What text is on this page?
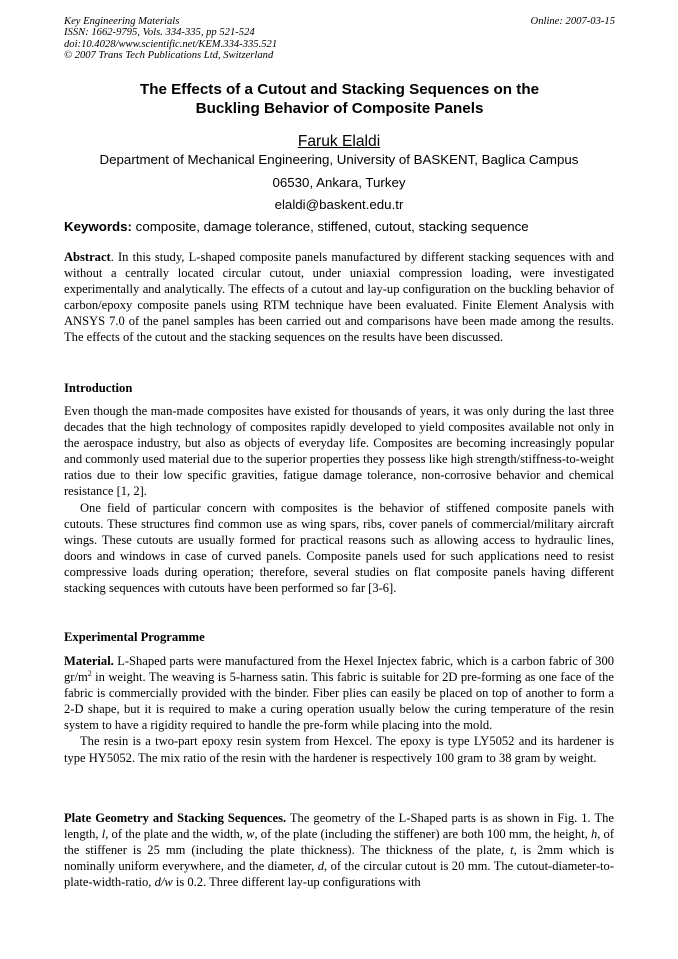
Key Engineering Materials
ISSN: 1662-9795, Vols. 334-335, pp 521-524
doi:10.4028/www.scientific.net/KEM.334-335.521
© 2007 Trans Tech Publications Ltd, Switzerland
Online: 2007-03-15
The Effects of a Cutout and Stacking Sequences on the
Buckling Behavior of Composite Panels
Faruk Elaldi
Department of Mechanical Engineering, University of BASKENT, Baglica Campus
06530, Ankara, Turkey
elaldi@baskent.edu.tr
Keywords: composite, damage tolerance, stiffened, cutout, stacking sequence

Abstract. In this study, L-shaped composite panels manufactured by different stacking sequences with and without a centrally located circular cutout, under uniaxial compression loading, were investigated experimentally and analytically. The effects of a cutout and lay-up configuration on the buckling behavior of carbon/epoxy composite panels using RTM technique have been evaluated. Finite Element Analysis with ANSYS 7.0 of the panel samples has been carried out and comparisons have been made among the results. The effects of the cutout and the stacking sequences on the results have been discussed.

Introduction

Even though the man-made composites have existed for thousands of years, it was only during the last three decades that the high technology of composites rapidly developed to yield composites available not only in the aerospace industry, but also as objects of everyday life. Composites are becoming increasingly popular and commonly used material due to the superior properties they possess like high strength/stiffness-to-weight ratios due to their low specific gravities, fatigue damage tolerance, non-corrosive behavior and chemical resistance [1, 2].

One field of particular concern with composites is the behavior of stiffened composite panels with cutouts. These structures find common use as wing spars, ribs, cover panels of commercial/military aircraft wings. These cutouts are usually formed for practical reasons such as allowing access to hydraulic lines, doors and windows in case of curved panels. Composite panels used for such applications need to resist compressive loads during operation; therefore, several studies on flat composite panels having different stacking sequences with cutouts have been performed so far [3-6].

Experimental Programme

Material. L-Shaped parts were manufactured from the Hexel Injectex fabric, which is a carbon fabric of 300 $gr/m^2$ in weight. The weaving is 5-harness satin. This fabric is suitable for 2D pre-forming as one face of the fabric is commercially provided with the binder. Fiber plies can easily be placed on top of another to form a 2-D shape, but it is required to make a curing operation usually below the curing temperature of the resin system to have a rigidity required to handle the pre-form while placing into the mold.

The resin is a two-part epoxy resin system from Hexcel. The epoxy is type LY5052 and its hardener is type HY5052. The mix ratio of the resin with the hardener is respectively 100 gram to 38 gram by weight.

Plate Geometry and Stacking Sequences. The geometry of the L-Shaped parts is as shown in Fig. 1. The length, l, of the plate and the width, w, of the plate (including the stiffener) are both 100 mm, the height, h, of the stiffener is 25 mm (including the plate thickness). The thickness of the plate, t, is 2mm which is nominally uniform everywhere, and the diameter, d, of the circular cutout is 20 mm. The cutout-diameter-to-plate-width-ratio, d/w is 0.2. Three different lay-up configurations with
